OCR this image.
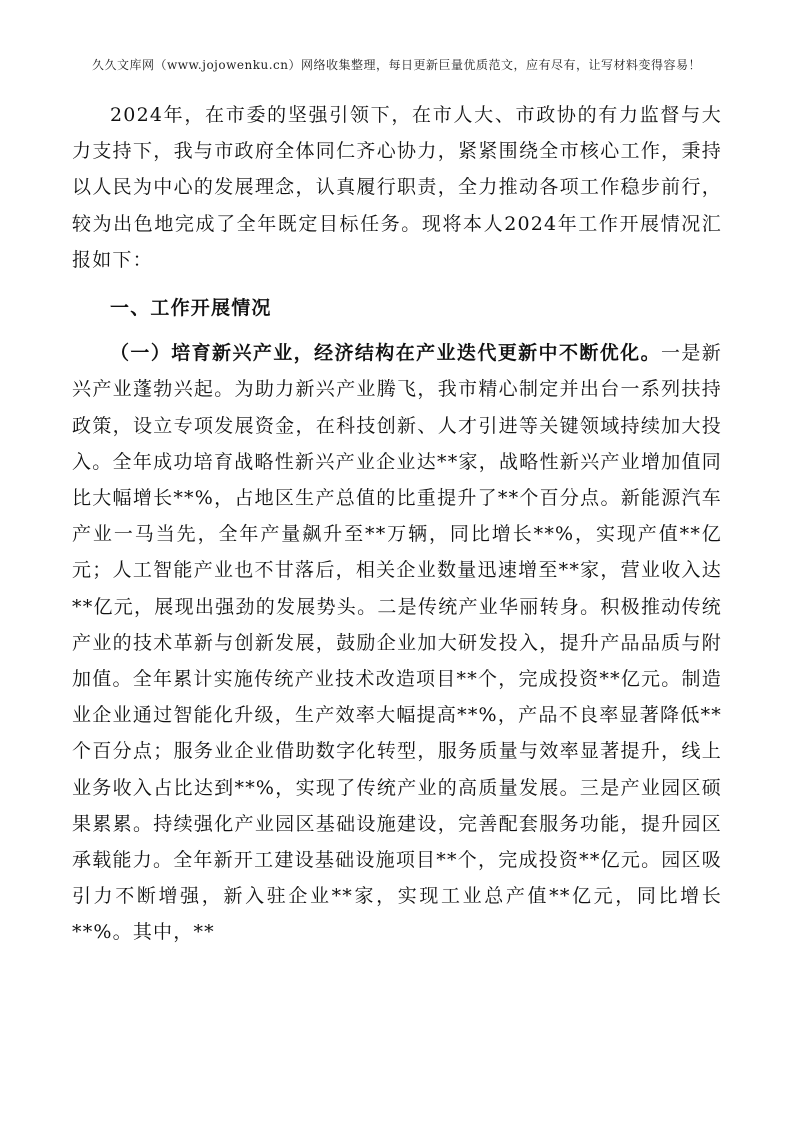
久久文库网（www.jojowenku.cn）网络收集整理，每日更新巨量优质范文，应有尽有，让写材料变得容易！

2024年，在市委的坚强引领下，在市人大、市政协的有力监督与大力支持下，我与市政府全体同仁齐心协力，紧紧围绕全市核心工作，秉持以人民为中心的发展理念，认真履行职责，全力推动各项工作稳步前行，较为出色地完成了全年既定目标任务。现将本人2024年工作开展情况汇报如下：

一、工作开展情况

（一）培育新兴产业，经济结构在产业迭代更新中不断优化。一是新兴产业蓬勃兴起。为助力新兴产业腾飞，我市精心制定并出台一系列扶持政策，设立专项发展资金，在科技创新、人才引进等关键领域持续加大投入。全年成功培育战略性新兴产业企业达**家，战略性新兴产业增加值同比大幅增长**%，占地区生产总值的比重提升了**个百分点。新能源汽车产业一马当先，全年产量飙升至**万辆，同比增长**%，实现产值**亿元；人工智能产业也不甘落后，相关企业数量迅速增至**家，营业收入达**亿元，展现出强劲的发展势头。二是传统产业华丽转身。积极推动传统产业的技术革新与创新发展，鼓励企业加大研发投入，提升产品品质与附加值。全年累计实施传统产业技术改造项目**个，完成投资**亿元。制造业企业通过智能化升级，生产效率大幅提高**%，产品不良率显著降低**个百分点；服务业企业借助数字化转型，服务质量与效率显著提升，线上业务收入占比达到**%，实现了传统产业的高质量发展。三是产业园区硕果累累。持续强化产业园区基础设施建设，完善配套服务功能，提升园区承载能力。全年新开工建设基础设施项目**个，完成投资**亿元。园区吸引力不断增强，新入驻企业**家，实现工业总产值**亿元，同比增长**%。其中，**
